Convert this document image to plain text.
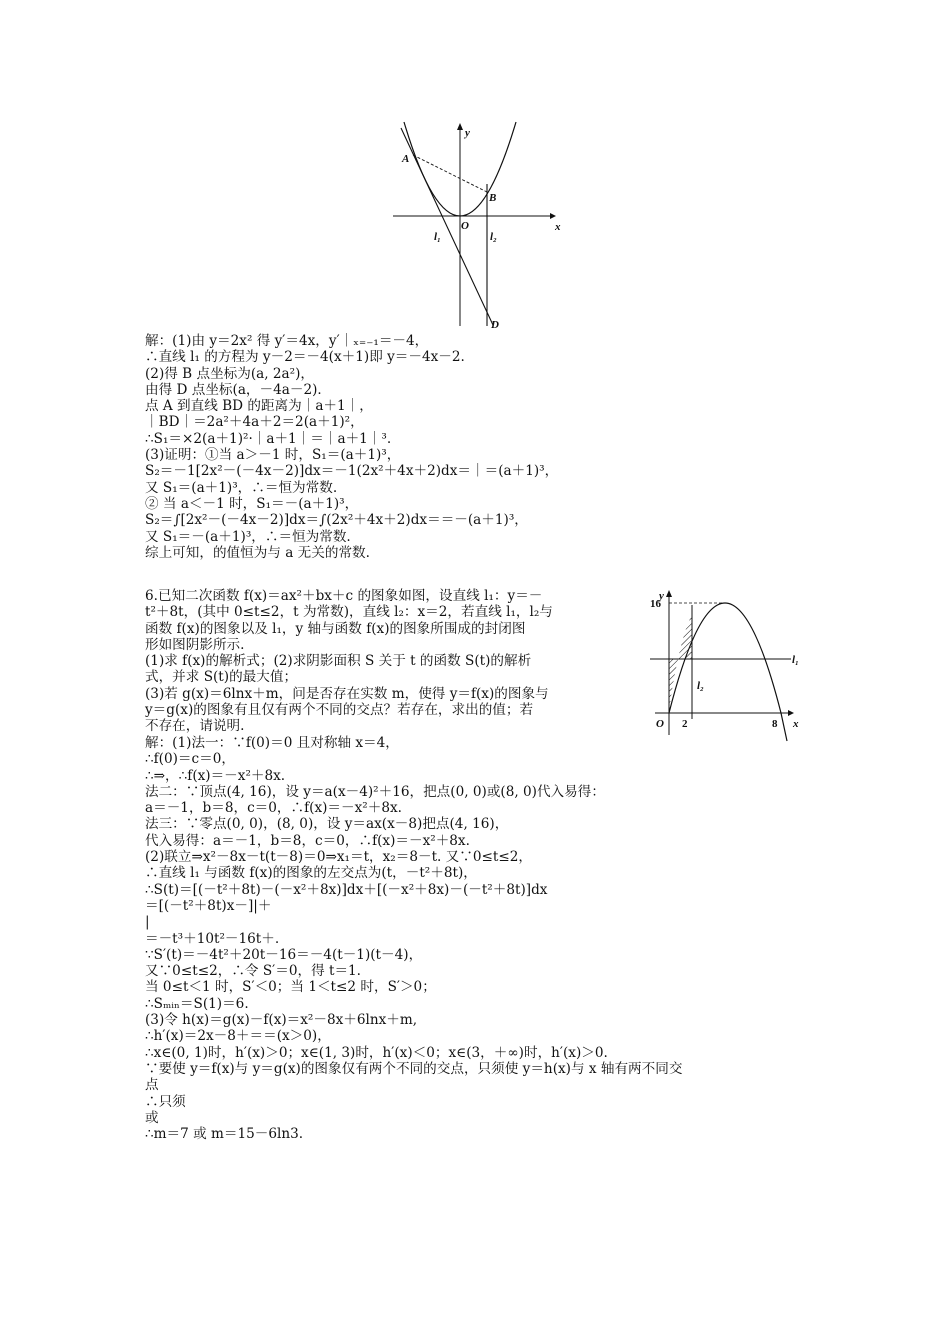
y
x
A
B
O
l₁	l₂
D
解：(1)由 y＝2x² 得 y′＝4x，y′｜ₓ₌₋₁＝－4，
∴直线 l₁ 的方程为 y－2＝－4(x＋1)即 y＝－4x－2.
(2)得 B 点坐标为(a, 2a²)，
由得 D 点坐标(a，－4a－2)．
点 A 到直线 BD 的距离为｜a＋1｜，
｜BD｜＝2a²＋4a＋2＝2(a＋1)²，
∴S₁＝×2(a＋1)²·｜a＋1｜＝｜a＋1｜³.
(3)证明：①当 a＞－1 时，S₁＝(a＋1)³，
S₂＝－1[2x²－(－4x－2)]dx＝－1(2x²＋4x＋2)dx＝｜＝(a＋1)³，
又 S₁＝(a＋1)³，∴＝恒为常数.
② 当 a＜－1 时，S₁＝－(a＋1)³，
S₂＝∫[2x²－(－4x－2)]dx＝∫(2x²＋4x＋2)dx＝＝－(a＋1)³，
又 S₁＝－(a＋1)³，∴＝恒为常数.
综上可知，的值恒为与 a 无关的常数.
6.已知二次函数 f(x)＝ax²＋bx＋c 的图象如图，设直线 l₁：y＝－
t²＋8t，(其中 0≤t≤2，t 为常数)，直线 l₂：x＝2，若直线 l₁，l₂与
函数 f(x)的图象以及 l₁，y 轴与函数 f(x)的图象所围成的封闭图
形如图阴影所示.
(1)求 f(x)的解析式；(2)求阴影面积 S 关于 t 的函数 S(t)的解析
式，并求 S(t)的最大值；
(3)若 g(x)＝6lnx＋m，问是否存在实数 m，使得 y＝f(x)的图象与
y＝g(x)的图象有且仅有两个不同的交点？若存在，求出的值；若
不存在，请说明.
y
x
16
O 2	8
l₁
l₂
解：(1)法一：∵f(0)＝0 且对称轴 x＝4，
∴f(0)＝c＝0，
∴⇒，∴f(x)＝－x²＋8x.
法二：∵顶点(4, 16)，设 y＝a(x－4)²＋16，把点(0, 0)或(8, 0)代入易得：
a＝－1，b＝8，c＝0，∴f(x)＝－x²＋8x.
法三：∵零点(0, 0)，(8, 0)，设 y＝ax(x－8)把点(4, 16)，
代入易得：a＝－1，b＝8，c＝0，∴f(x)＝－x²＋8x.
(2)联立⇒x²－8x－t(t－8)＝0⇒x₁＝t，x₂＝8－t. 又∵0≤t≤2，
∴直线 l₁ 与函数 f(x)的图象的左交点为(t，－t²＋8t)，
∴S(t)＝[(－t²＋8t)－(－x²＋8x)]dx＋[(－x²＋8x)－(－t²＋8t)]dx
＝[(－t²＋8t)x－]|＋
|
＝－t³＋10t²－16t＋.
∵S′(t)＝－4t²＋20t－16＝－4(t－1)(t－4)，
又∵0≤t≤2，∴令 S′＝0，得 t＝1.
当 0≤t＜1 时，S′＜0；当 1＜t≤2 时，S′＞0；
∴Sₘᵢₙ＝S(1)＝6.
(3)令 h(x)＝g(x)－f(x)＝x²－8x＋6lnx＋m,
∴h′(x)＝2x－8＋＝＝(x＞0)，
∴x∈(0, 1)时，h′(x)＞0；x∈(1, 3)时，h′(x)＜0；x∈(3，＋∞)时，h′(x)＞0.
∵要使 y＝f(x)与 y＝g(x)的图象仅有两个不同的交点，只须使 y＝h(x)与 x 轴有两不同交
点
∴只须
或
∴m＝7 或 m＝15－6ln3.
